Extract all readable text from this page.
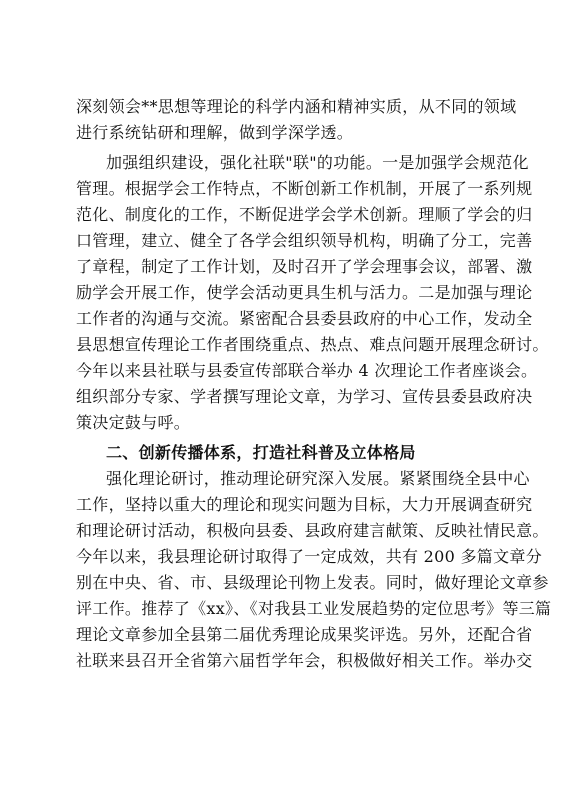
深刻领会**思想等理论的科学内涵和精神实质，从不同的领域
进行系统钻研和理解，做到学深学透。
加强组织建设，强化社联"联"的功能。一是加强学会规范化
管理。根据学会工作特点，不断创新工作机制，开展了一系列规
范化、制度化的工作，不断促进学会学术创新。理顺了学会的归
口管理，建立、健全了各学会组织领导机构，明确了分工，完善
了章程，制定了工作计划，及时召开了学会理事会议，部署、激
励学会开展工作，使学会活动更具生机与活力。二是加强与理论
工作者的沟通与交流。紧密配合县委县政府的中心工作，发动全
县思想宣传理论工作者围绕重点、热点、难点问题开展理念研讨。
今年以来县社联与县委宣传部联合举办 4 次理论工作者座谈会。
组织部分专家、学者撰写理论文章，为学习、宣传县委县政府决
策决定鼓与呼。
二、创新传播体系，打造社科普及立体格局
强化理论研讨，推动理论研究深入发展。紧紧围绕全县中心
工作，坚持以重大的理论和现实问题为目标，大力开展调查研究
和理论研讨活动，积极向县委、县政府建言献策、反映社情民意。
今年以来，我县理论研讨取得了一定成效，共有 200 多篇文章分
别在中央、省、市、县级理论刊物上发表。同时，做好理论文章参
评工作。推荐了《xx》、《对我县工业发展趋势的定位思考》等三篇
理论文章参加全县第二届优秀理论成果奖评选。另外，还配合省
社联来县召开全省第六届哲学年会，积极做好相关工作。举办交
